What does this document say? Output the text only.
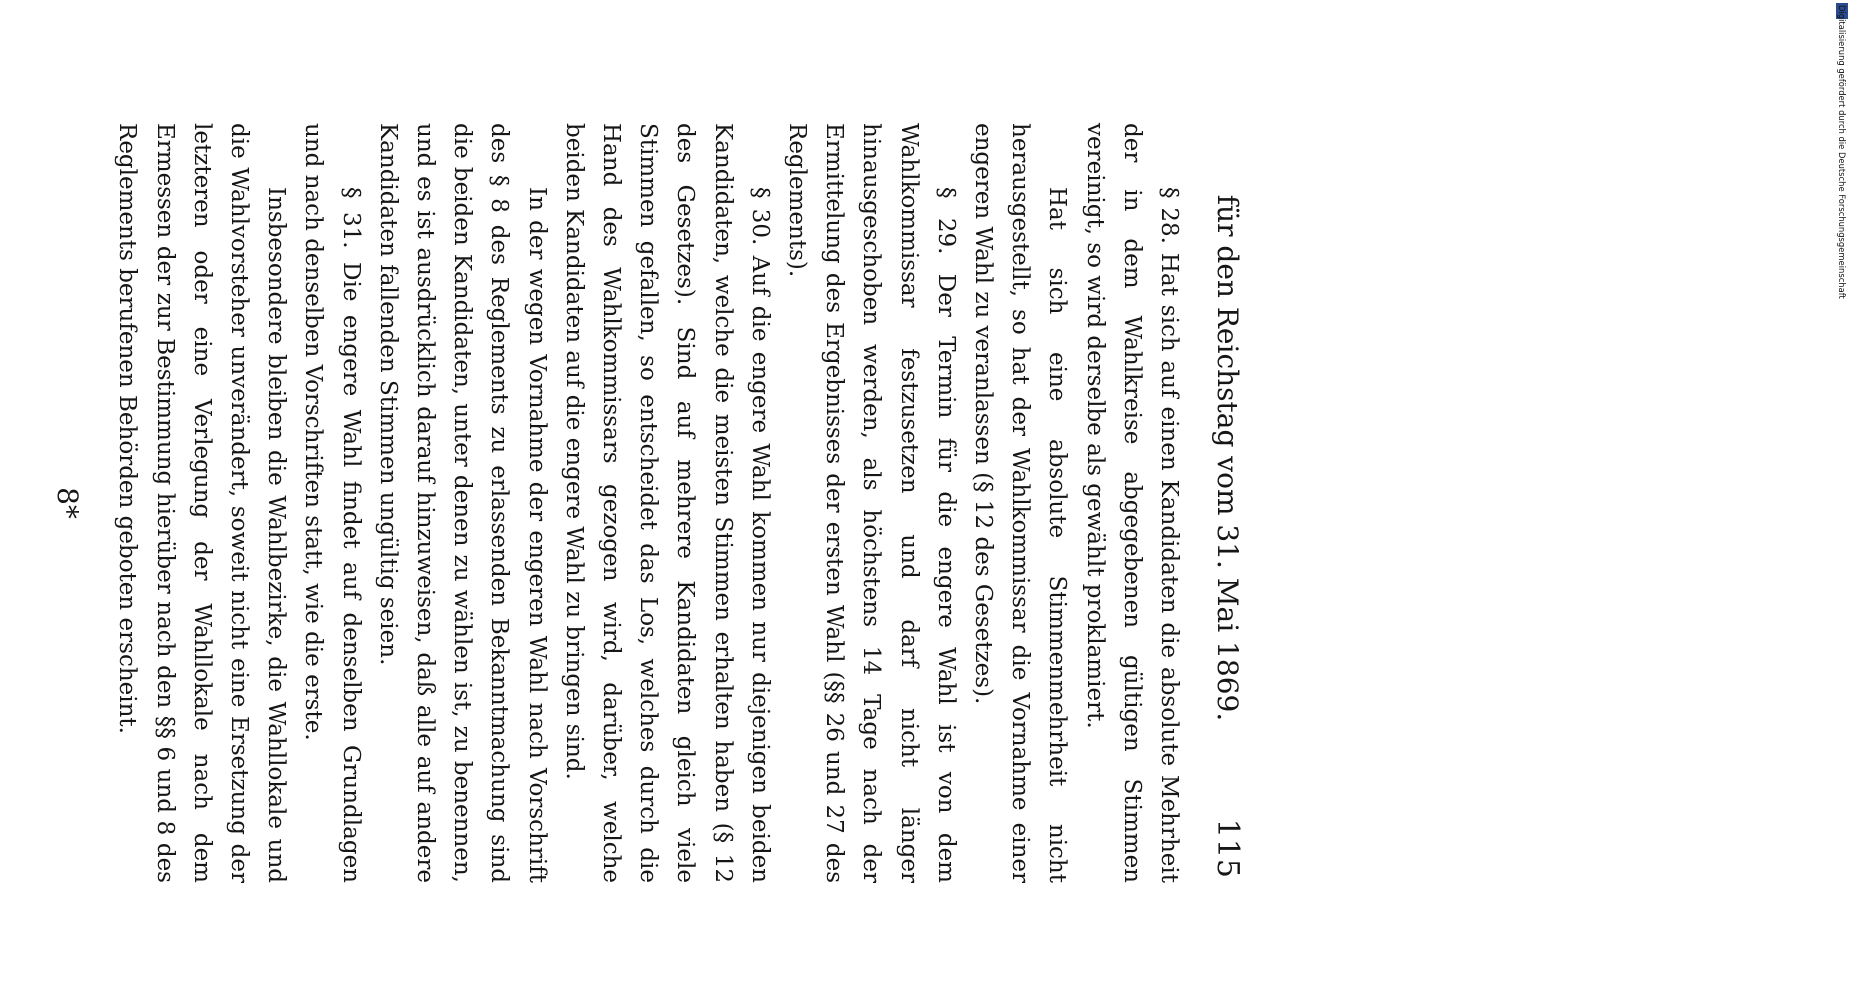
für den Reichstag vom 31. Mai 1869.
115

§ 28. Hat sich auf einen Kandidaten die absolute Mehrheit der in dem Wahlkreise abgegebenen gültigen Stimmen vereinigt, so wird derselbe als gewählt proklamiert.

Hat sich eine absolute Stimmenmehrheit nicht herausgestellt, so hat der Wahlkommissar die Vornahme einer engeren Wahl zu veranlassen (§ 12 des Gesetzes).

§ 29. Der Termin für die engere Wahl ist von dem Wahlkommissar festzusetzen und darf nicht länger hinausgeschoben werden, als höchstens 14 Tage nach der Ermittelung des Ergebnisses der ersten Wahl (§§ 26 und 27 des Reglements).

§ 30. Auf die engere Wahl kommen nur diejenigen beiden Kandidaten, welche die meisten Stimmen erhalten haben (§ 12 des Gesetzes). Sind auf mehrere Kandidaten gleich viele Stimmen gefallen, so entscheidet das Los, welches durch die Hand des Wahlkommissars gezogen wird, darüber, welche beiden Kandidaten auf die engere Wahl zu bringen sind.

In der wegen Vornahme der engeren Wahl nach Vorschrift des § 8 des Reglements zu erlassenden Bekanntmachung sind die beiden Kandidaten, unter denen zu wählen ist, zu benennen, und es ist ausdrücklich darauf hinzuweisen, daß alle auf andere Kandidaten fallenden Stimmen ungültig seien.

§ 31. Die engere Wahl findet auf denselben Grundlagen und nach denselben Vorschriften statt, wie die erste.

Insbesondere bleiben die Wahlbezirke, die Wahllokale und die Wahlvorsteher unverändert, soweit nicht eine Ersetzung der letzteren oder eine Verlegung der Wahllokale nach dem Ermessen der zur Bestimmung hierüber nach den §§ 6 und 8 des Reglements berufenen Behörden geboten erscheint.

8*
Digitalisierung gefördert durch die Deutsche Forschungsgemeinschaft
